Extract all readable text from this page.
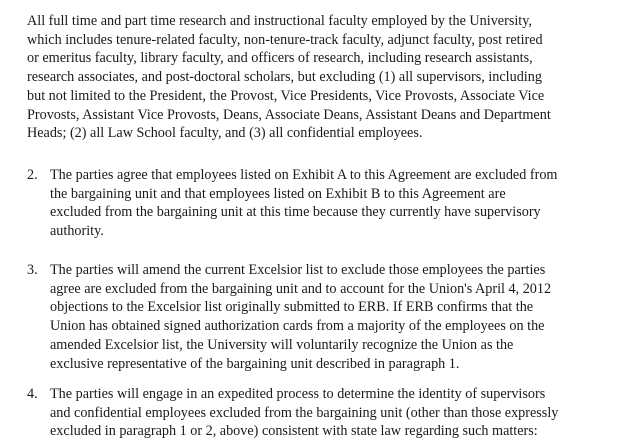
All full time and part time research and instructional faculty employed by the University,
which includes tenure-related faculty, non-tenure-track faculty, adjunct faculty, post retired
or emeritus faculty, library faculty, and officers of research, including research assistants,
research associates, and post-doctoral scholars, but excluding (1) all supervisors, including
but not limited to the President, the Provost, Vice Presidents, Vice Provosts, Associate Vice
Provosts, Assistant Vice Provosts, Deans, Associate Deans, Assistant Deans and Department
Heads; (2) all Law School faculty, and (3) all confidential employees.

2. The parties agree that employees listed on Exhibit A to this Agreement are excluded from
the bargaining unit and that employees listed on Exhibit B to this Agreement are
excluded from the bargaining unit at this time because they currently have supervisory
authority.

3. The parties will amend the current Excelsior list to exclude those employees the parties
agree are excluded from the bargaining unit and to account for the Union's April 4, 2012
objections to the Excelsior list originally submitted to ERB. If ERB confirms that the
Union has obtained signed authorization cards from a majority of the employees on the
amended Excelsior list, the University will voluntarily recognize the Union as the
exclusive representative of the bargaining unit described in paragraph 1.

4. The parties will engage in an expedited process to determine the identity of supervisors
and confidential employees excluded from the bargaining unit (other than those expressly
excluded in paragraph 1 or 2, above) consistent with state law regarding such matters:
